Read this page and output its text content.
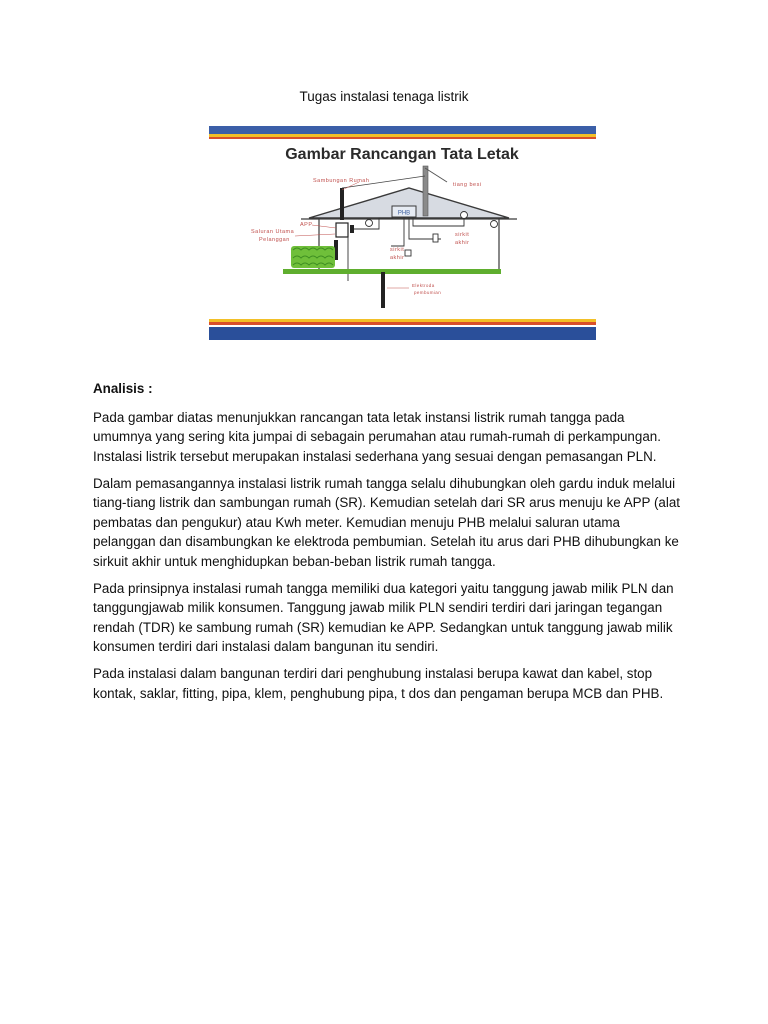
Tugas instalasi tenaga listrik
Gambar Rancangan Tata Letak
PHB
Sambungan Rumah
tiang besi
APP
Saluran Utama
Pelanggan
sirkit
akhir
akhir
sirkit
Elektroda
pembumian
Analisis :

Pada gambar diatas menunjukkan rancangan tata letak instansi listrik rumah tangga pada umumnya yang sering kita jumpai di sebagain perumahan atau rumah-rumah di perkampungan. Instalasi listrik tersebut merupakan instalasi sederhana yang sesuai dengan pemasangan PLN.

Dalam pemasangannya instalasi listrik rumah tangga selalu dihubungkan oleh gardu induk melalui tiang-tiang listrik dan sambungan rumah (SR). Kemudian setelah dari SR arus menuju ke APP (alat pembatas dan pengukur) atau Kwh meter. Kemudian menuju PHB melalui saluran utama pelanggan dan disambungkan ke elektroda pembumian. Setelah itu arus dari PHB dihubungkan ke sirkuit akhir untuk menghidupkan beban-beban listrik rumah tangga.

Pada prinsipnya instalasi rumah tangga memiliki dua kategori yaitu tanggung jawab milik PLN dan tanggungjawab milik konsumen. Tanggung jawab milik PLN sendiri terdiri dari jaringan tegangan rendah (TDR) ke sambung rumah (SR) kemudian ke APP. Sedangkan untuk tanggung jawab milik konsumen terdiri dari instalasi dalam bangunan itu sendiri.

Pada instalasi dalam bangunan terdiri dari penghubung instalasi berupa kawat dan kabel, stop kontak, saklar, fitting, pipa, klem, penghubung pipa, t dos dan pengaman berupa MCB dan PHB.
